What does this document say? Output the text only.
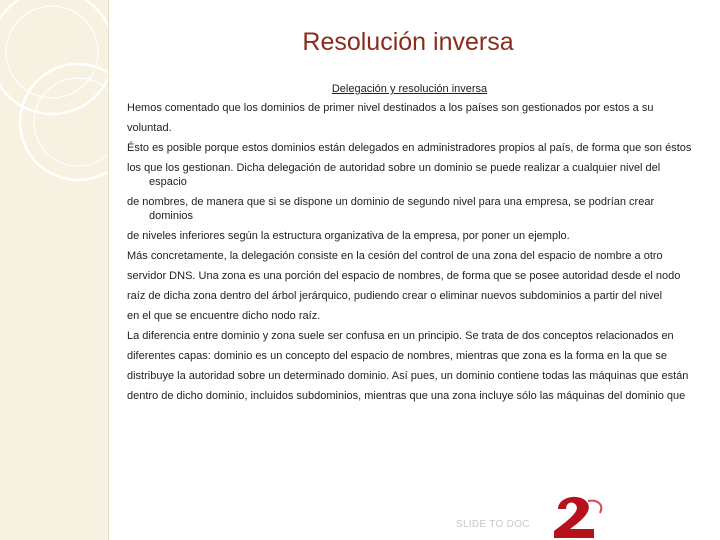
Resolución inversa

Delegación y resolución inversa

Hemos comentado que los dominios de primer nivel destinados a los países son gestionados por estos a su

voluntad.

Ésto es posible porque estos dominios están delegados en administradores propios al país, de forma que son éstos

los que los gestionan. Dicha delegación de autoridad sobre un dominio se puede realizar a cualquier nivel del espacio

de nombres, de manera que si se dispone un dominio de segundo nivel para una empresa, se podrían crear dominios

de niveles inferiores según la estructura organizativa de la empresa, por poner un ejemplo.

Más concretamente, la delegación consiste en la cesión del control de una zona del espacio de nombre a otro

servidor DNS. Una zona es una porción del espacio de nombres, de forma que se posee autoridad desde el nodo

raíz de dicha zona dentro del árbol jerárquico, pudiendo crear o eliminar nuevos subdominios a partir del nivel

en el que se encuentre dicho nodo raíz.

La diferencia entre dominio y zona suele ser confusa en un principio. Se trata de dos conceptos relacionados en

diferentes capas: dominio es un concepto del espacio de nombres, mientras que zona es la forma en la que se

distribuye la autoridad sobre un determinado dominio. Así pues, un dominio contiene todas las máquinas que están

dentro de dicho dominio, incluidos subdominios, mientras que una zona incluye sólo las máquinas del dominio que

SLIDE TO DOC
